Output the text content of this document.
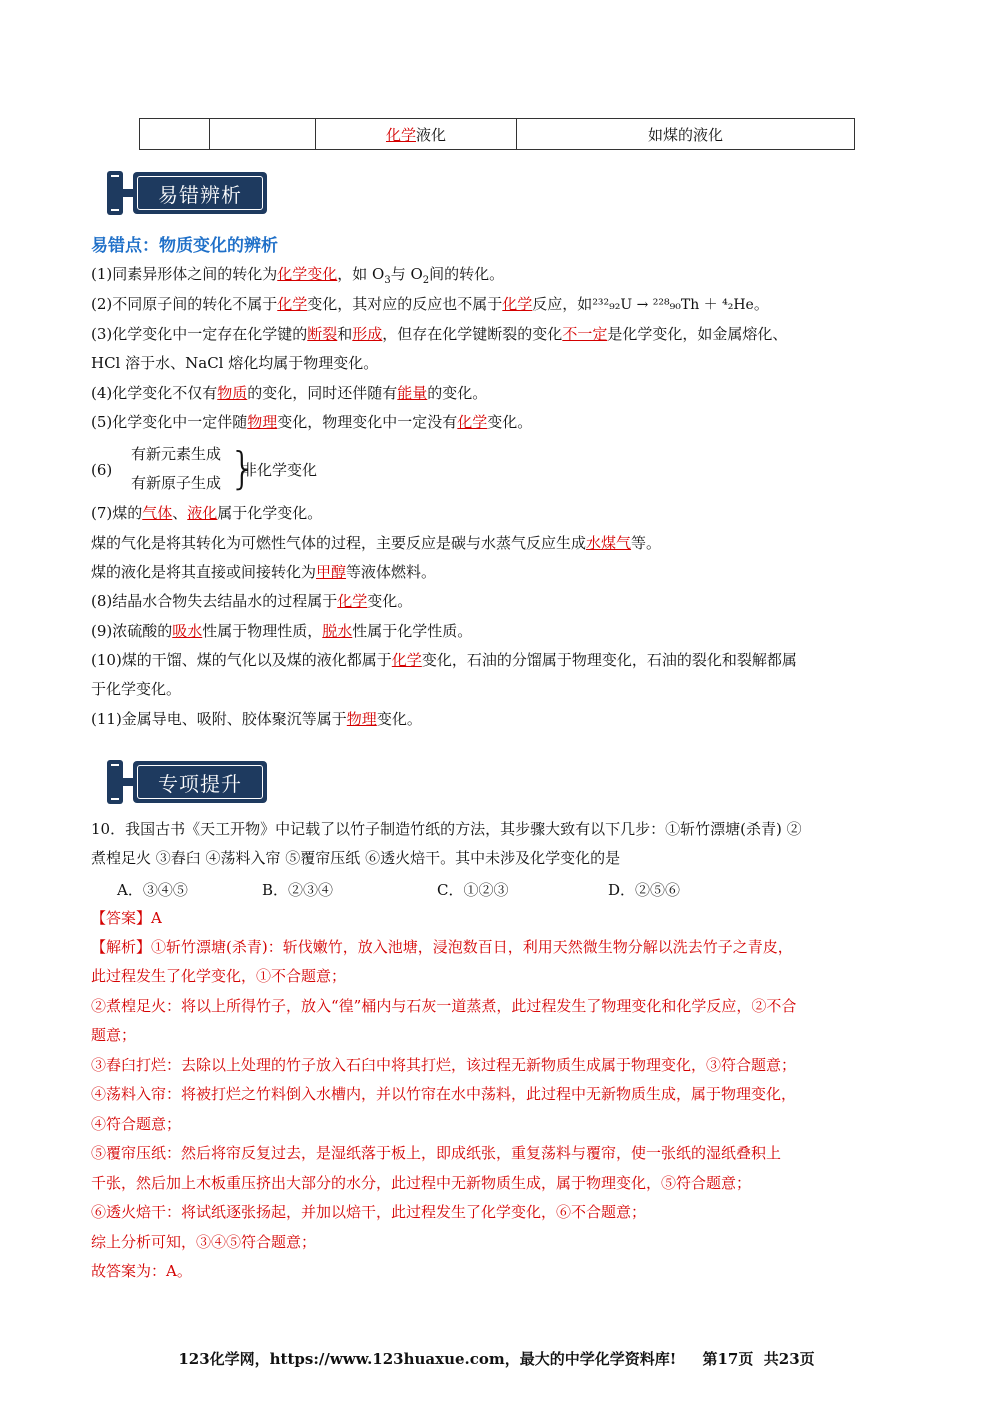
		化学液化	如煤的液化
易错辨析
易错点：物质变化的辨析
(1)同素异形体之间的转化为化学变化，如 $O_3$与 $O_2$间的转化。
(2)不同原子间的转化不属于化学变化，其对应的反应也不属于化学反应，如²³²₉₂U → ²²⁸₉₀Th ＋ ⁴₂He。
(3)化学变化中一定存在化学键的断裂和形成，但存在化学键断裂的变化不一定是化学变化，如金属熔化、
HCl 溶于水、NaCl 熔化均属于物理变化。
(4)化学变化不仅有物质的变化，同时还伴随有能量的变化。
(5)化学变化中一定伴随物理变化，物理变化中一定没有化学变化。
(6)
有新元素生成
有新原子生成 }
非化学变化
(7)煤的气体、液化属于化学变化。
煤的气化是将其转化为可燃性气体的过程，主要反应是碳与水蒸气反应生成水煤气等。
煤的液化是将其直接或间接转化为甲醇等液体燃料。
(8)结晶水合物失去结晶水的过程属于化学变化。
(9)浓硫酸的吸水性属于物理性质，脱水性属于化学性质。
(10)煤的干馏、煤的气化以及煤的液化都属于化学变化，石油的分馏属于物理变化，石油的裂化和裂解都属
于化学变化。
(11)金属导电、吸附、胶体聚沉等属于物理变化。
专项提升
10．我国古书《天工开物》中记载了以竹子制造竹纸的方法，其步骤大致有以下几步：①斩竹漂塘(杀青) ②
煮楻足火 ③舂臼 ④荡料入帘 ⑤覆帘压纸 ⑥透火焙干。其中未涉及化学变化的是
A．③④⑤	B．②③④	C．①②③	D．②⑤⑥
【答案】A
【解析】①斩竹漂塘(杀青)：斩伐嫩竹，放入池塘，浸泡数百日，利用天然微生物分解以洗去竹子之青皮，
此过程发生了化学变化，①不合题意；
②煮楻足火：将以上所得竹子，放入“徨”桶内与石灰一道蒸煮，此过程发生了物理变化和化学反应，②不合
题意；
③舂臼打烂：去除以上处理的竹子放入石臼中将其打烂，该过程无新物质生成属于物理变化，③符合题意；
④荡料入帘：将被打烂之竹料倒入水槽内，并以竹帘在水中荡料，此过程中无新物质生成，属于物理变化，
④符合题意；
⑤覆帘压纸：然后将帘反复过去，是湿纸落于板上，即成纸张，重复荡料与覆帘，使一张纸的湿纸叠积上
千张，然后加上木板重压挤出大部分的水分，此过程中无新物质生成，属于物理变化，⑤符合题意；
⑥透火焙干：将试纸逐张扬起，并加以焙干，此过程发生了化学变化，⑥不合题意；
综上分析可知，③④⑤符合题意；
故答案为：A。
123化学网，https://www.123huaxue.com，最大的中学化学资料库!     第17页  共23页
